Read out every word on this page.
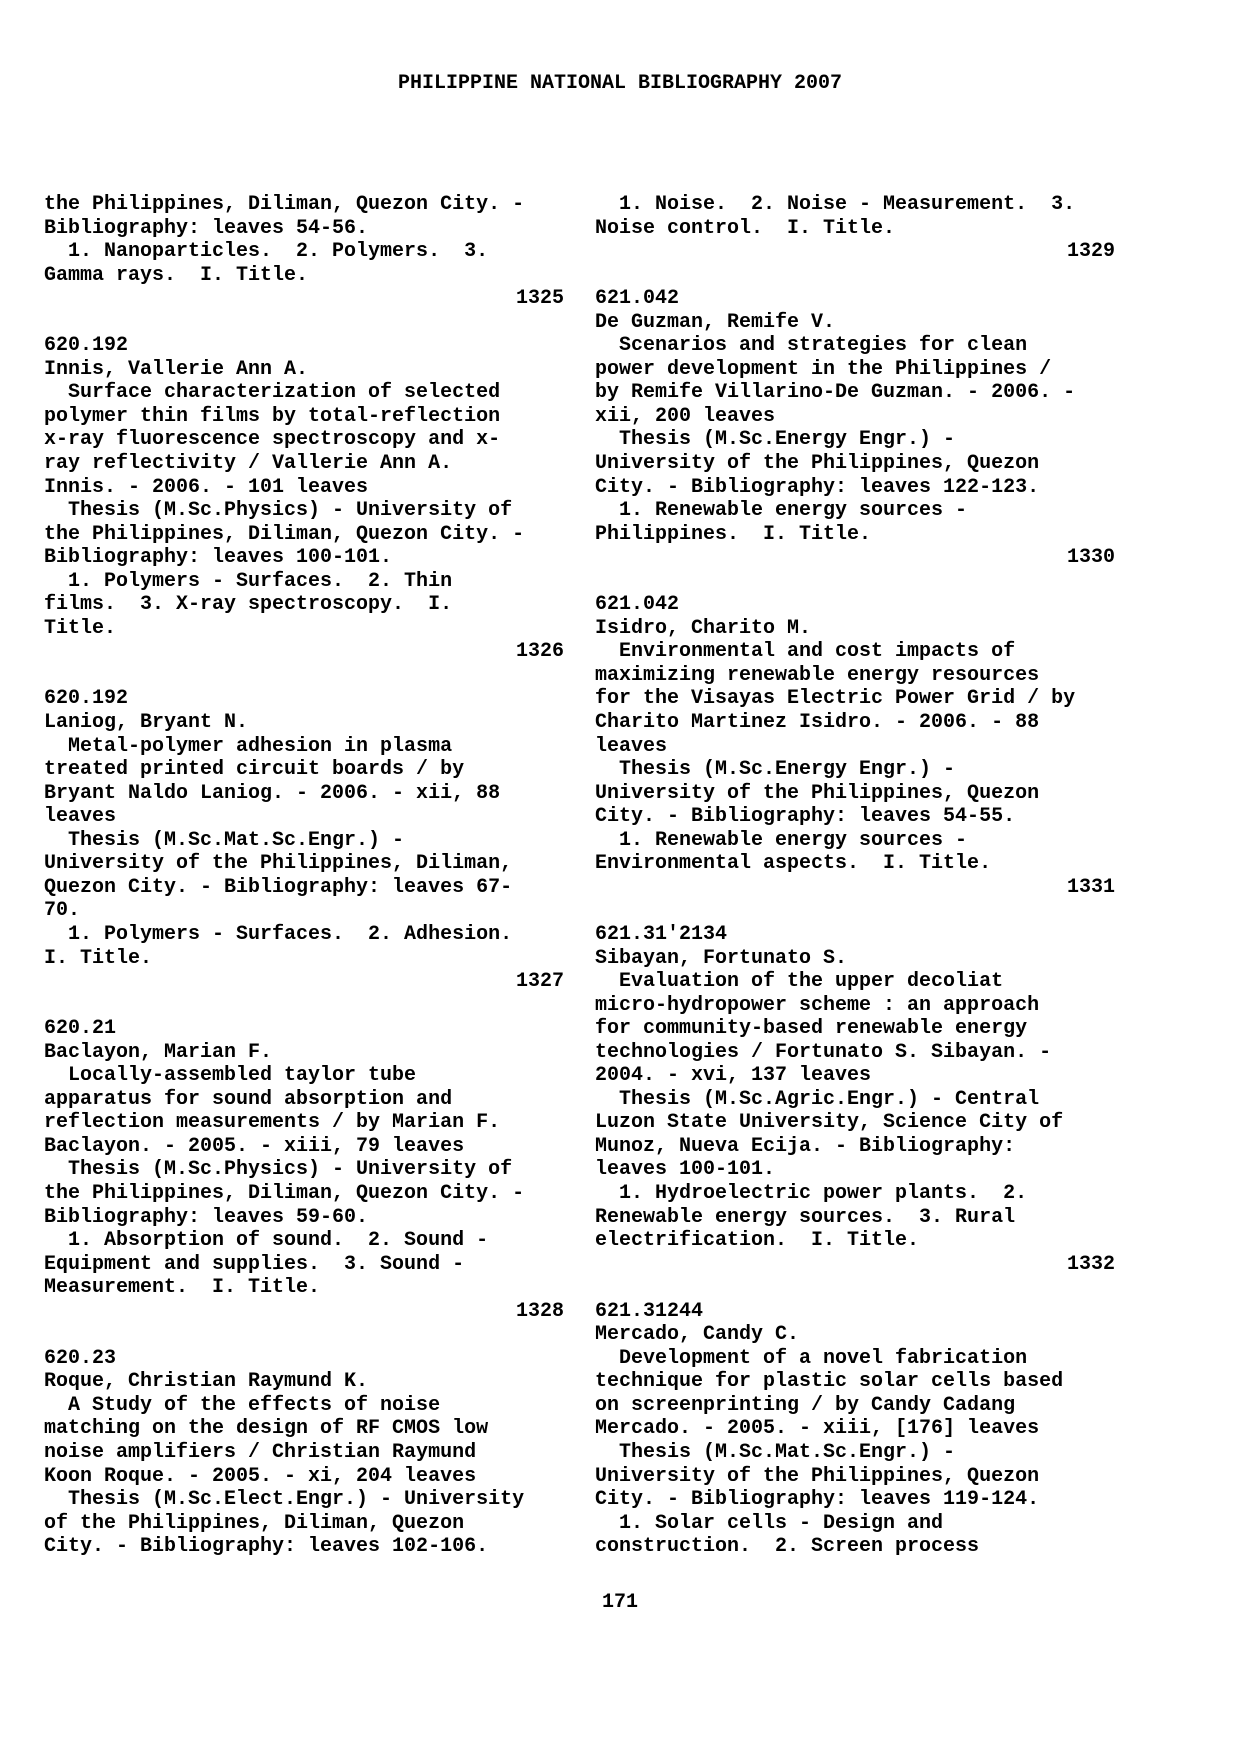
PHILIPPINE NATIONAL BIBLIOGRAPHY 2007
the Philippines, Diliman, Quezon City. -
Bibliography: leaves 54-56.
1. Nanoparticles.  2. Polymers.  3.
Gamma rays.  I. Title.
1325
620.192
Innis, Vallerie Ann A.
Surface characterization of selected
polymer thin films by total-reflection
x-ray fluorescence spectroscopy and x-
ray reflectivity / Vallerie Ann A.
Innis. - 2006. - 101 leaves
Thesis (M.Sc.Physics) - University of
the Philippines, Diliman, Quezon City. -
Bibliography: leaves 100-101.
1. Polymers - Surfaces.  2. Thin
films.  3. X-ray spectroscopy.  I.
Title.
1326
620.192
Laniog, Bryant N.
Metal-polymer adhesion in plasma
treated printed circuit boards / by
Bryant Naldo Laniog. - 2006. - xii, 88
leaves
Thesis (M.Sc.Mat.Sc.Engr.) -
University of the Philippines, Diliman,
Quezon City. - Bibliography: leaves 67-
70.
1. Polymers - Surfaces.  2. Adhesion.
I. Title.
1327
620.21
Baclayon, Marian F.
Locally-assembled taylor tube
apparatus for sound absorption and
reflection measurements / by Marian F.
Baclayon. - 2005. - xiii, 79 leaves
Thesis (M.Sc.Physics) - University of
the Philippines, Diliman, Quezon City. -
Bibliography: leaves 59-60.
1. Absorption of sound.  2. Sound -
Equipment and supplies.  3. Sound -
Measurement.  I. Title.
1328
620.23
Roque, Christian Raymund K.
A Study of the effects of noise
matching on the design of RF CMOS low
noise amplifiers / Christian Raymund
Koon Roque. - 2005. - xi, 204 leaves
Thesis (M.Sc.Elect.Engr.) - University
of the Philippines, Diliman, Quezon
City. - Bibliography: leaves 102-106.
1. Noise.  2. Noise - Measurement.  3.
Noise control.  I. Title.
1329
621.042
De Guzman, Remife V.
Scenarios and strategies for clean
power development in the Philippines /
by Remife Villarino-De Guzman. - 2006. -
xii, 200 leaves
Thesis (M.Sc.Energy Engr.) -
University of the Philippines, Quezon
City. - Bibliography: leaves 122-123.
1. Renewable energy sources -
Philippines.  I. Title.
1330
621.042
Isidro, Charito M.
Environmental and cost impacts of
maximizing renewable energy resources
for the Visayas Electric Power Grid / by
Charito Martinez Isidro. - 2006. - 88
leaves
Thesis (M.Sc.Energy Engr.) -
University of the Philippines, Quezon
City. - Bibliography: leaves 54-55.
1. Renewable energy sources -
Environmental aspects.  I. Title.
1331
621.31'2134
Sibayan, Fortunato S.
Evaluation of the upper decoliat
micro-hydropower scheme : an approach
for community-based renewable energy
technologies / Fortunato S. Sibayan. -
2004. - xvi, 137 leaves
Thesis (M.Sc.Agric.Engr.) - Central
Luzon State University, Science City of
Munoz, Nueva Ecija. - Bibliography:
leaves 100-101.
1. Hydroelectric power plants.  2.
Renewable energy sources.  3. Rural
electrification.  I. Title.
1332
621.31244
Mercado, Candy C.
Development of a novel fabrication
technique for plastic solar cells based
on screenprinting / by Candy Cadang
Mercado. - 2005. - xiii, [176] leaves
Thesis (M.Sc.Mat.Sc.Engr.) -
University of the Philippines, Quezon
City. - Bibliography: leaves 119-124.
1. Solar cells - Design and
construction.  2. Screen process
171
